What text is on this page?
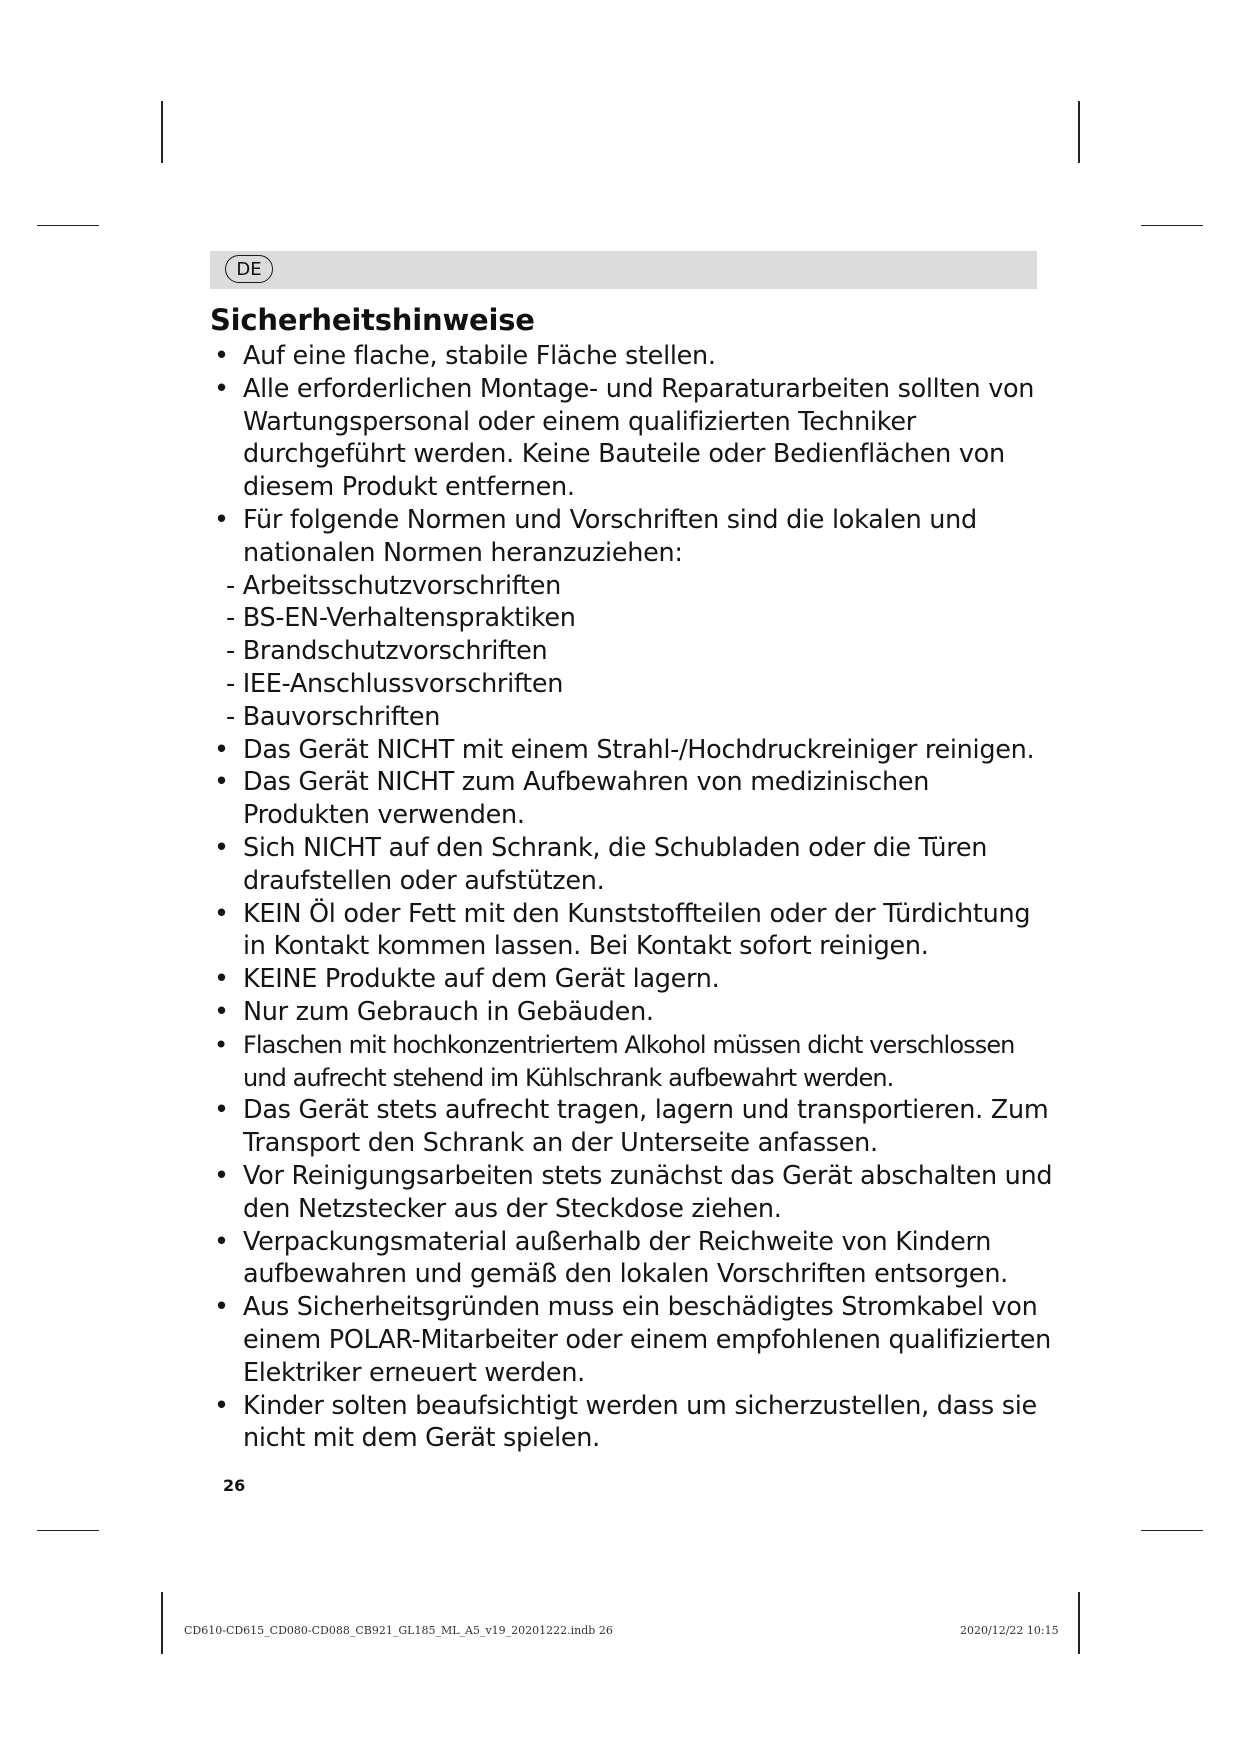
DE
Sicherheitshinweise
• Auf eine flache, stabile Fläche stellen.
• Alle erforderlichen Montage- und Reparaturarbeiten sollten von Wartungspersonal oder einem qualifizierten Techniker durchgeführt werden. Keine Bauteile oder Bedienflächen von diesem Produkt entfernen.
• Für folgende Normen und Vorschriften sind die lokalen und nationalen Normen heranzuziehen:
- Arbeitsschutzvorschriften
- BS-EN-Verhaltenspraktiken
- Brandschutzvorschriften
- IEE-Anschlussvorschriften
- Bauvorschriften
• Das Gerät NICHT mit einem Strahl-/Hochdruckreiniger reinigen.
• Das Gerät NICHT zum Aufbewahren von medizinischen Produkten verwenden.
• Sich NICHT auf den Schrank, die Schubladen oder die Türen draufstellen oder aufstützen.
• KEIN Öl oder Fett mit den Kunststoffteilen oder der Türdichtung in Kontakt kommen lassen. Bei Kontakt sofort reinigen.
• KEINE Produkte auf dem Gerät lagern.
• Nur zum Gebrauch in Gebäuden.
• Flaschen mit hochkonzentriertem Alkohol müssen dicht verschlossen und aufrecht stehend im Kühlschrank aufbewahrt werden.
• Das Gerät stets aufrecht tragen, lagern und transportieren. Zum Transport den Schrank an der Unterseite anfassen.
• Vor Reinigungsarbeiten stets zunächst das Gerät abschalten und den Netzstecker aus der Steckdose ziehen.
• Verpackungsmaterial außerhalb der Reichweite von Kindern aufbewahren und gemäß den lokalen Vorschriften entsorgen.
• Aus Sicherheitsgründen muss ein beschädigtes Stromkabel von einem POLAR-Mitarbeiter oder einem empfohlenen qualifizierten Elektriker erneuert werden.
• Kinder solten beaufsichtigt werden um sicherzustellen, dass sie nicht mit dem Gerät spielen.
26
CD610-CD615_CD080-CD088_CB921_GL185_ML_A5_v19_20201222.indb 26	2020/12/22 10:15
